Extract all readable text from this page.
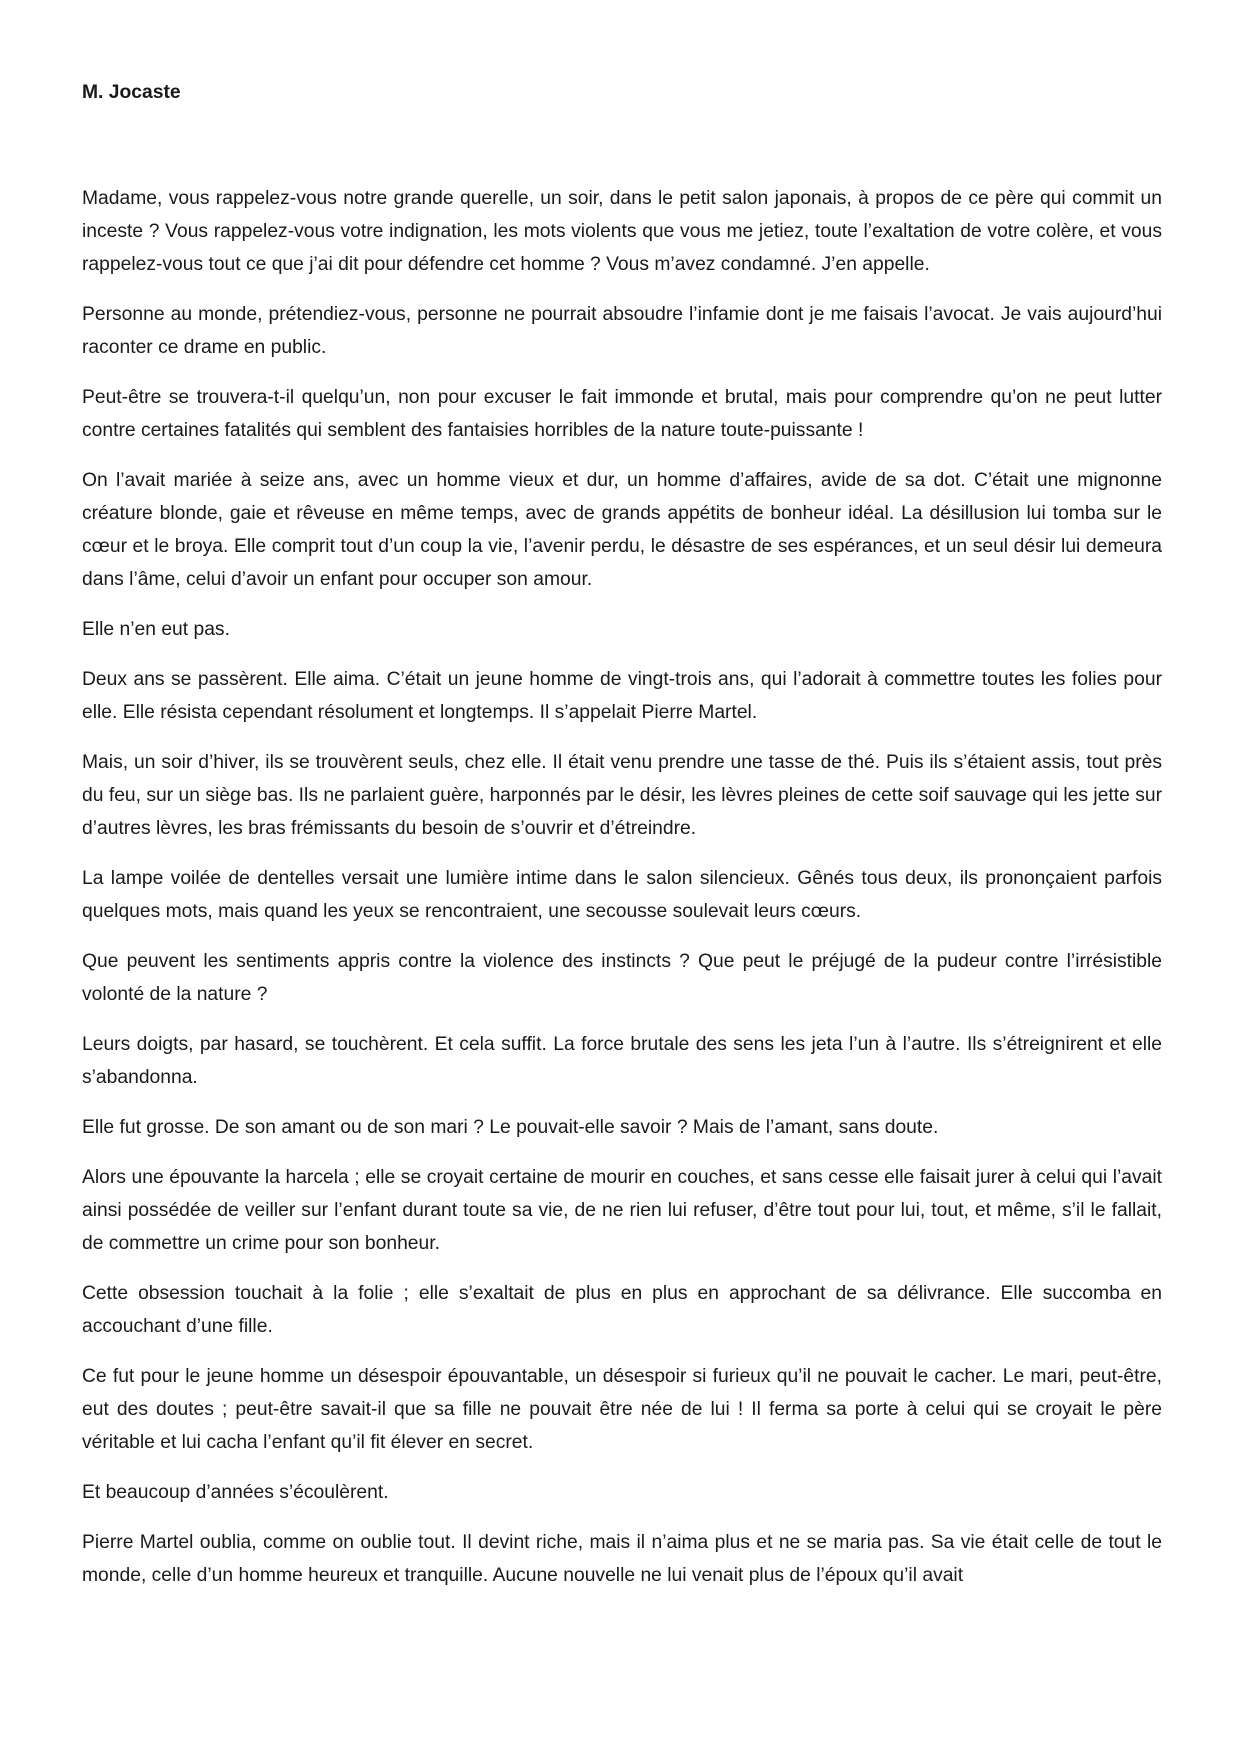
M. Jocaste

Madame, vous rappelez-vous notre grande querelle, un soir, dans le petit salon japonais, à propos de ce père qui commit un inceste ? Vous rappelez-vous votre indignation, les mots violents que vous me jetiez, toute l’exaltation de votre colère, et vous rappelez-vous tout ce que j’ai dit pour défendre cet homme ? Vous m’avez condamné. J’en appelle.

Personne au monde, prétendiez-vous, personne ne pourrait absoudre l’infamie dont je me faisais l’avocat. Je vais aujourd’hui raconter ce drame en public.

Peut-être se trouvera-t-il quelqu’un, non pour excuser le fait immonde et brutal, mais pour comprendre qu’on ne peut lutter contre certaines fatalités qui semblent des fantaisies horribles de la nature toute-puissante !

On l’avait mariée à seize ans, avec un homme vieux et dur, un homme d’affaires, avide de sa dot. C’était une mignonne créature blonde, gaie et rêveuse en même temps, avec de grands appétits de bonheur idéal. La désillusion lui tomba sur le cœur et le broya. Elle comprit tout d’un coup la vie, l’avenir perdu, le désastre de ses espérances, et un seul désir lui demeura dans l’âme, celui d’avoir un enfant pour occuper son amour.

Elle n’en eut pas.

Deux ans se passèrent. Elle aima. C’était un jeune homme de vingt-trois ans, qui l’adorait à commettre toutes les folies pour elle. Elle résista cependant résolument et longtemps. Il s’appelait Pierre Martel.

Mais, un soir d’hiver, ils se trouvèrent seuls, chez elle. Il était venu prendre une tasse de thé. Puis ils s’étaient assis, tout près du feu, sur un siège bas. Ils ne parlaient guère, harponnés par le désir, les lèvres pleines de cette soif sauvage qui les jette sur d’autres lèvres, les bras frémissants du besoin de s’ouvrir et d’étreindre.

La lampe voilée de dentelles versait une lumière intime dans le salon silencieux. Gênés tous deux, ils prononçaient parfois quelques mots, mais quand les yeux se rencontraient, une secousse soulevait leurs cœurs.

Que peuvent les sentiments appris contre la violence des instincts ? Que peut le préjugé de la pudeur contre l’irrésistible volonté de la nature ?

Leurs doigts, par hasard, se touchèrent. Et cela suffit. La force brutale des sens les jeta l’un à l’autre. Ils s’étreignirent et elle s’abandonna.

Elle fut grosse. De son amant ou de son mari ? Le pouvait-elle savoir ? Mais de l’amant, sans doute.

Alors une épouvante la harcela ; elle se croyait certaine de mourir en couches, et sans cesse elle faisait jurer à celui qui l’avait ainsi possédée de veiller sur l’enfant durant toute sa vie, de ne rien lui refuser, d’être tout pour lui, tout, et même, s’il le fallait, de commettre un crime pour son bonheur.

Cette obsession touchait à la folie ; elle s’exaltait de plus en plus en approchant de sa délivrance. Elle succomba en accouchant d’une fille.

Ce fut pour le jeune homme un désespoir épouvantable, un désespoir si furieux qu’il ne pouvait le cacher. Le mari, peut-être, eut des doutes ; peut-être savait-il que sa fille ne pouvait être née de lui ! Il ferma sa porte à celui qui se croyait le père véritable et lui cacha l’enfant qu’il fit élever en secret.

Et beaucoup d’années s’écoulèrent.

Pierre Martel oublia, comme on oublie tout. Il devint riche, mais il n’aima plus et ne se maria pas. Sa vie était celle de tout le monde, celle d’un homme heureux et tranquille. Aucune nouvelle ne lui venait plus de l’époux qu’il avait
